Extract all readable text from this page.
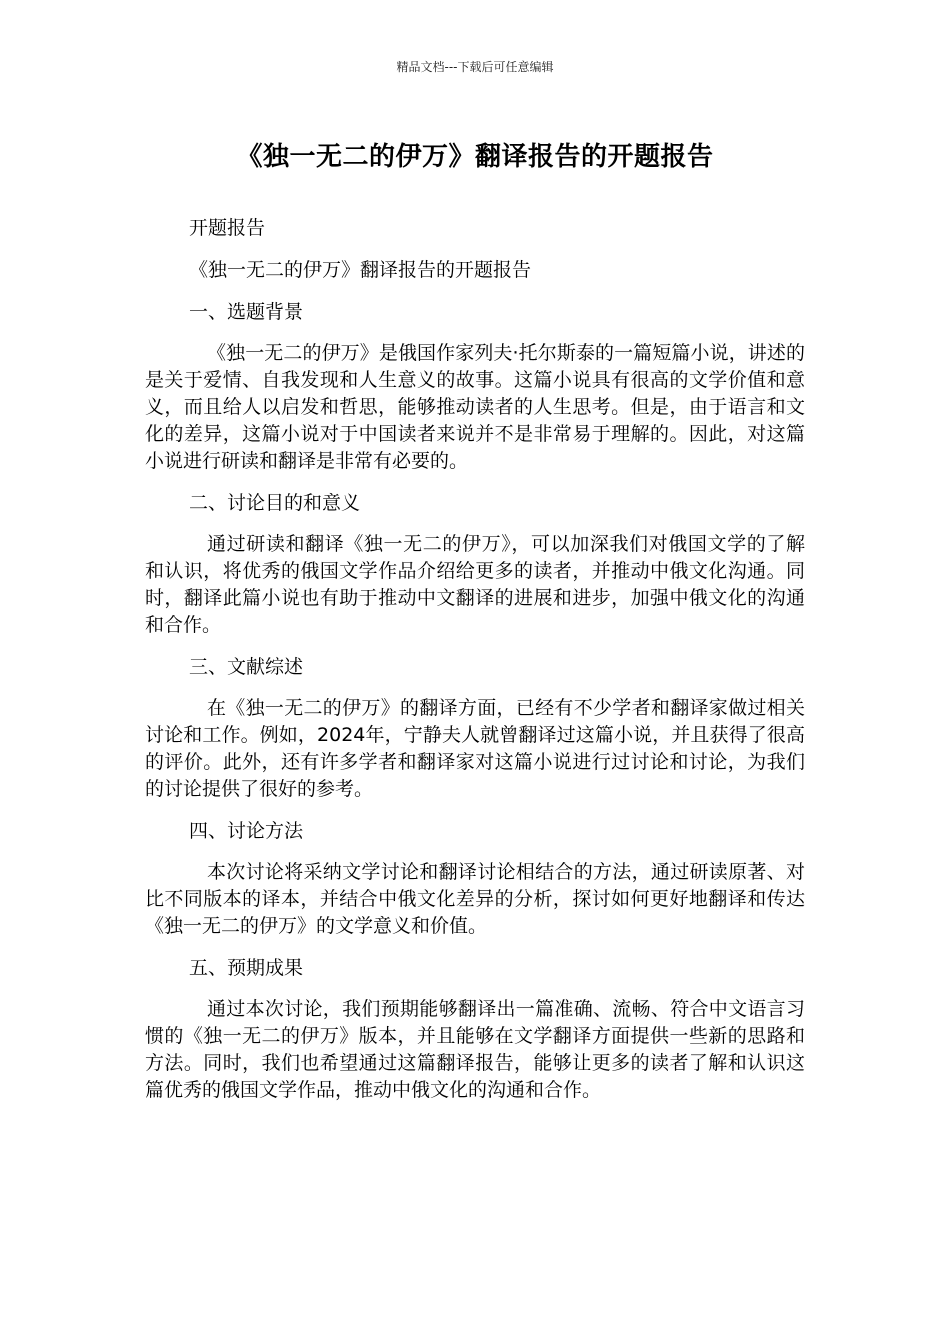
精品文档---下载后可任意编辑
《独一无二的伊万》翻译报告的开题报告

开题报告

《独一无二的伊万》翻译报告的开题报告

一、选题背景

《独一无二的伊万》是俄国作家列夫·托尔斯泰的一篇短篇小说，讲述的是关于爱情、自我发现和人生意义的故事。这篇小说具有很高的文学价值和意义，而且给人以启发和哲思，能够推动读者的人生思考。但是，由于语言和文化的差异，这篇小说对于中国读者来说并不是非常易于理解的。因此，对这篇小说进行研读和翻译是非常有必要的。

二、讨论目的和意义

通过研读和翻译《独一无二的伊万》，可以加深我们对俄国文学的了解和认识，将优秀的俄国文学作品介绍给更多的读者，并推动中俄文化沟通。同时，翻译此篇小说也有助于推动中文翻译的进展和进步，加强中俄文化的沟通和合作。

三、文献综述

在《独一无二的伊万》的翻译方面，已经有不少学者和翻译家做过相关讨论和工作。例如，2024年，宁静夫人就曾翻译过这篇小说，并且获得了很高的评价。此外，还有许多学者和翻译家对这篇小说进行过讨论和讨论，为我们的讨论提供了很好的参考。

四、讨论方法

本次讨论将采纳文学讨论和翻译讨论相结合的方法，通过研读原著、对比不同版本的译本，并结合中俄文化差异的分析，探讨如何更好地翻译和传达《独一无二的伊万》的文学意义和价值。

五、预期成果

通过本次讨论，我们预期能够翻译出一篇准确、流畅、符合中文语言习惯的《独一无二的伊万》版本，并且能够在文学翻译方面提供一些新的思路和方法。同时，我们也希望通过这篇翻译报告，能够让更多的读者了解和认识这篇优秀的俄国文学作品，推动中俄文化的沟通和合作。
